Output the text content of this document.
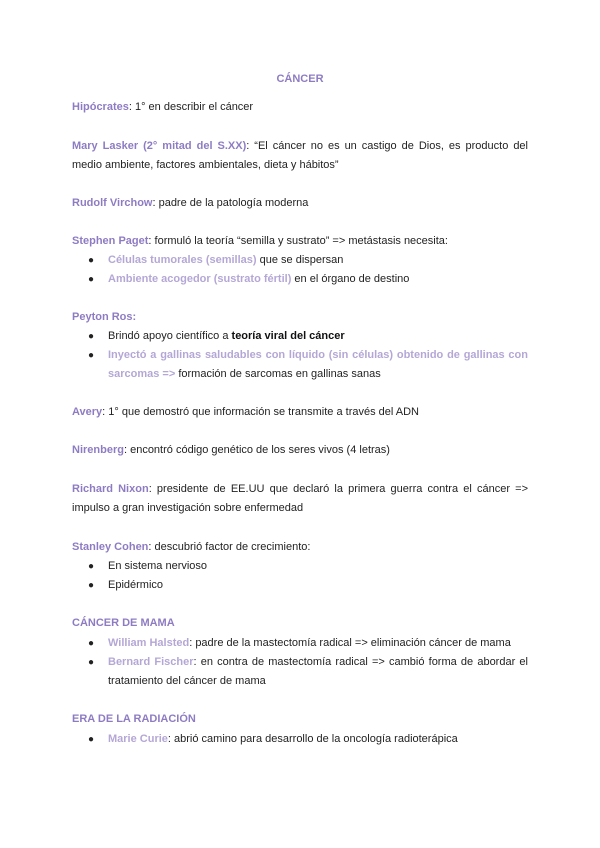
CÁNCER
Hipócrates: 1° en describir el cáncer
Mary Lasker (2° mitad del S.XX): “El cáncer no es un castigo de Dios, es producto del
medio ambiente, factores ambientales, dieta y hábitos”
Rudolf Virchow: padre de la patología moderna
Stephen Paget: formuló la teoría “semilla y sustrato” => metástasis necesita:
● Células tumorales (semillas) que se dispersan
● Ambiente acogedor (sustrato fértil) en el órgano de destino
Peyton Ros:
● Brindó apoyo científico a teoría viral del cáncer
● Inyectó a gallinas saludables con líquido (sin células) obtenido de gallinas con
sarcomas => formación de sarcomas en gallinas sanas
Avery: 1° que demostró que información se transmite a través del ADN
Nirenberg: encontró código genético de los seres vivos (4 letras)
Richard Nixon: presidente de EE.UU que declaró la primera guerra contra el cáncer =>
impulso a gran investigación sobre enfermedad
Stanley Cohen: descubrió factor de crecimiento:
● En sistema nervioso
● Epidérmico
CÁNCER DE MAMA
● William Halsted: padre de la mastectomía radical => eliminación cáncer de mama
● Bernard Fischer: en contra de mastectomía radical => cambió forma de abordar el
tratamiento del cáncer de mama
ERA DE LA RADIACIÓN
● Marie Curie: abrió camino para desarrollo de la oncología radioterápica
